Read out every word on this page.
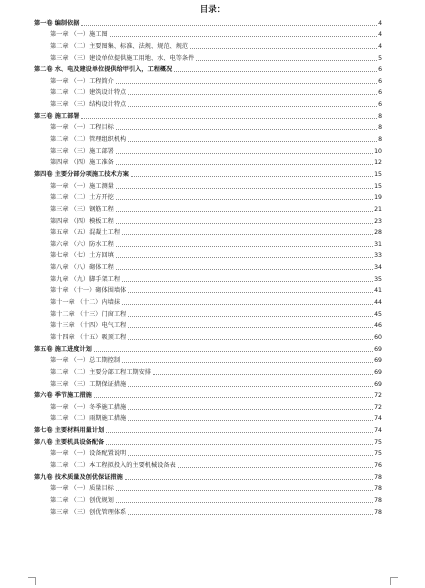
目录：
第一卷 编制依据	4
第一章 （一）施工图	4
第二章 （二）主要图集、标准、法规、规范、规范	4
第三章 （三）建设单位提供施工用地、水、电等条件	5
第二卷 水、电及建设单位提供给甲引入，工程概况	6
第一章 （一）工程简介	6
第二章 （二）建筑设计特点	6
第三章 （三）结构设计特点	6
第三卷 施工部署	8
第一章 （一）工程目标	8
第二章 （二）管理组织机构	8
第三章 （三）施工部署	10
第四章 （四）施工准备	12
第四卷 主要分部分项施工技术方案	15
第一章 （一）施工测量	15
第二章 （二）土方开挖	19
第三章 （三）钢筋工程	21
第四章 （四）模板工程	23
第五章 （五）混凝土工程	28
第六章 （六）防水工程	31
第七章 （七）土方回填	33
第八章 （八）砌体工程	34
第九章 （九）脚手架工程	35
第十章 （十一）砌体围墙体	41
第十一章 （十二）内墙抹	44
第十二章 （十三）门窗工程	45
第十三章 （十四）电气工程	46
第十四章 （十五）吸顶工程	60
第五卷 施工进度计划	69
第一章 （一）总工期控制	69
第二章 （二）主要分部工程工期安排	69
第三章 （三）工期保证措施	69
第六卷 季节施工措施	72
第一章 （一）冬季施工措施	72
第二章 （二）雨期施工措施	74
第七卷 主要材料用量计划	74
第八卷 主要机具设备配备	75
第一章 （一）设备配置说明	75
第二章 （二）本工程拟投入的主要机械设备表	76
第九卷 技术质量及创优保证措施	78
第一章 （一）质量目标	78
第二章 （二）创优规划	78
第三章 （三）创优管理体系	78
